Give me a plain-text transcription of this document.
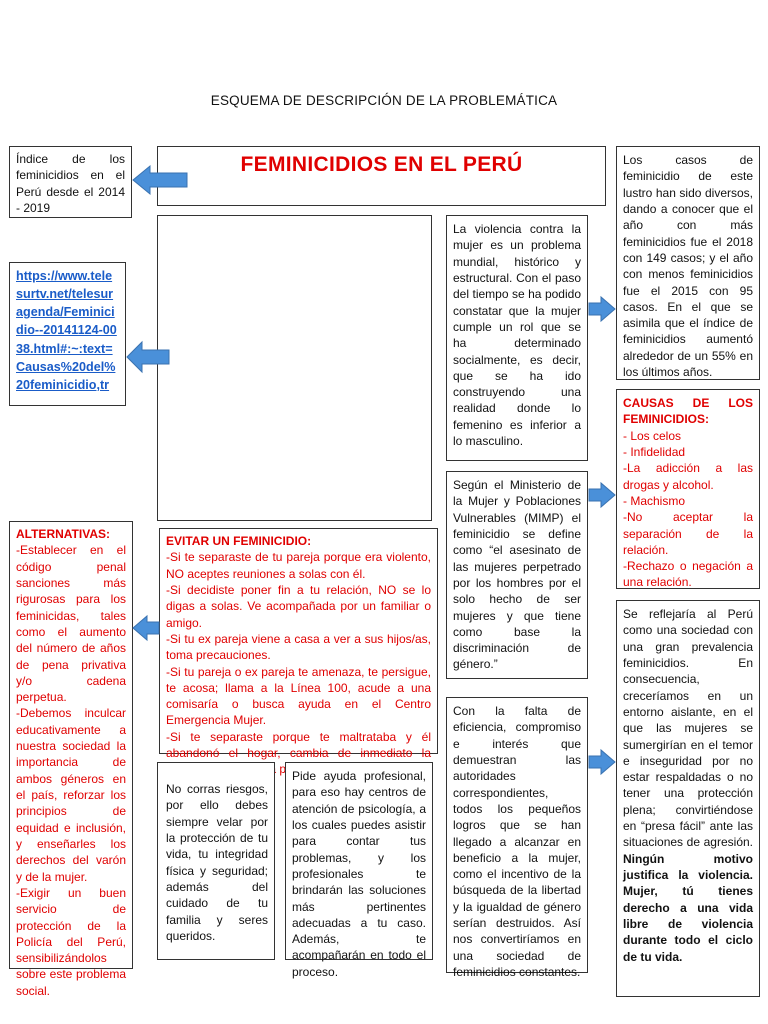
ESQUEMA DE DESCRIPCIÓN DE LA PROBLEMÁTICA
Índice de los feminicidios en el Perú desde el 2014 - 2019
FEMINICIDIOS EN EL PERÚ
https://www.telesurtv.net/telesuragenda/Feminicidio--20141124-0038.html#:~:text=Causas%20del%20feminicidio,tr
La violencia contra la mujer es un problema mundial, histórico y estructural. Con el paso del tiempo se ha podido constatar que la mujer cumple un rol que se ha determinado socialmente, es decir, que se ha ido construyendo una realidad donde lo femenino es inferior a lo masculino.
Los casos de feminicidio de este lustro han sido diversos, dando a conocer que el año con más feminicidios fue el 2018 con 149 casos; y el año con menos feminicidios fue el 2015 con 95 casos. En el que se asimila que el índice de feminicidios aumentó alrededor de un 55% en los últimos años.
CAUSAS DE LOS FEMINICIDIOS:
- Los celos
- Infidelidad
-La adicción a las drogas y alcohol.
- Machismo
-No aceptar la separación de la relación.
-Rechazo o negación a una relación.
Según el Ministerio de la Mujer y Poblaciones Vulnerables (MIMP) el feminicidio se define como “el asesinato de las mujeres perpetrado por los hombres por el solo hecho de ser mujeres y que tiene como base la discriminación de género.”
ALTERNATIVAS:
-Establecer en el código penal sanciones más rigurosas para los feminicidas, tales como el aumento del número de años de pena privativa y/o cadena perpetua.
-Debemos inculcar educativamente a nuestra sociedad la importancia de ambos géneros en el país, reforzar los principios de equidad e inclusión, y enseñarles los derechos del varón y de la mujer.
-Exigir un buen servicio de protección de la Policía del Perú, sensibilizándolos sobre este problema social.
EVITAR UN FEMINICIDIO:
-Si te separaste de tu pareja porque era violento, NO aceptes reuniones a solas con él.
-Si decidiste poner fin a tu relación, NO se lo digas a solas. Ve acompañada por un familiar o amigo.
-Si tu ex pareja viene a casa a ver a sus hijos/as, toma precauciones.
-Si tu pareja o ex pareja te amenaza, te persigue, te acosa; llama a la Línea 100, acude a una comisaría o busca ayuda en el Centro Emergencia Mujer.
-Si te separaste porque te maltrataba y él abandonó el hogar, cambia de inmediato la
No corras riesgos, por ello debes siempre velar por la protección de tu vida, tu integridad física y seguridad; además del cuidado de tu familia y seres queridos.
Pide ayuda profesional, para eso hay centros de atención de psicología, a los cuales puedes asistir para contar tus problemas, y los profesionales te brindarán las soluciones más pertinentes adecuadas a tu caso. Además, te acompañarán en todo el proceso.
Con la falta de eficiencia, compromiso e interés que demuestran las autoridades correspondientes, todos los pequeños logros que se han llegado a alcanzar en beneficio a la mujer, como el incentivo de la búsqueda de la libertad y la igualdad de género serían destruidos. Así nos convertiríamos en una sociedad de feminicidios constantes.
Se reflejaría al Perú como una sociedad con una gran prevalencia feminicidios. En consecuencia, creceríamos en un entorno aislante, en el que las mujeres se sumergirían en el temor e inseguridad por no estar respaldadas o no tener una protección plena; convirtiéndose en “presa fácil” ante las situaciones de agresión. Ningún motivo justifica la violencia. Mujer, tú tienes derecho a una vida libre de violencia durante todo el ciclo de tu vida.
